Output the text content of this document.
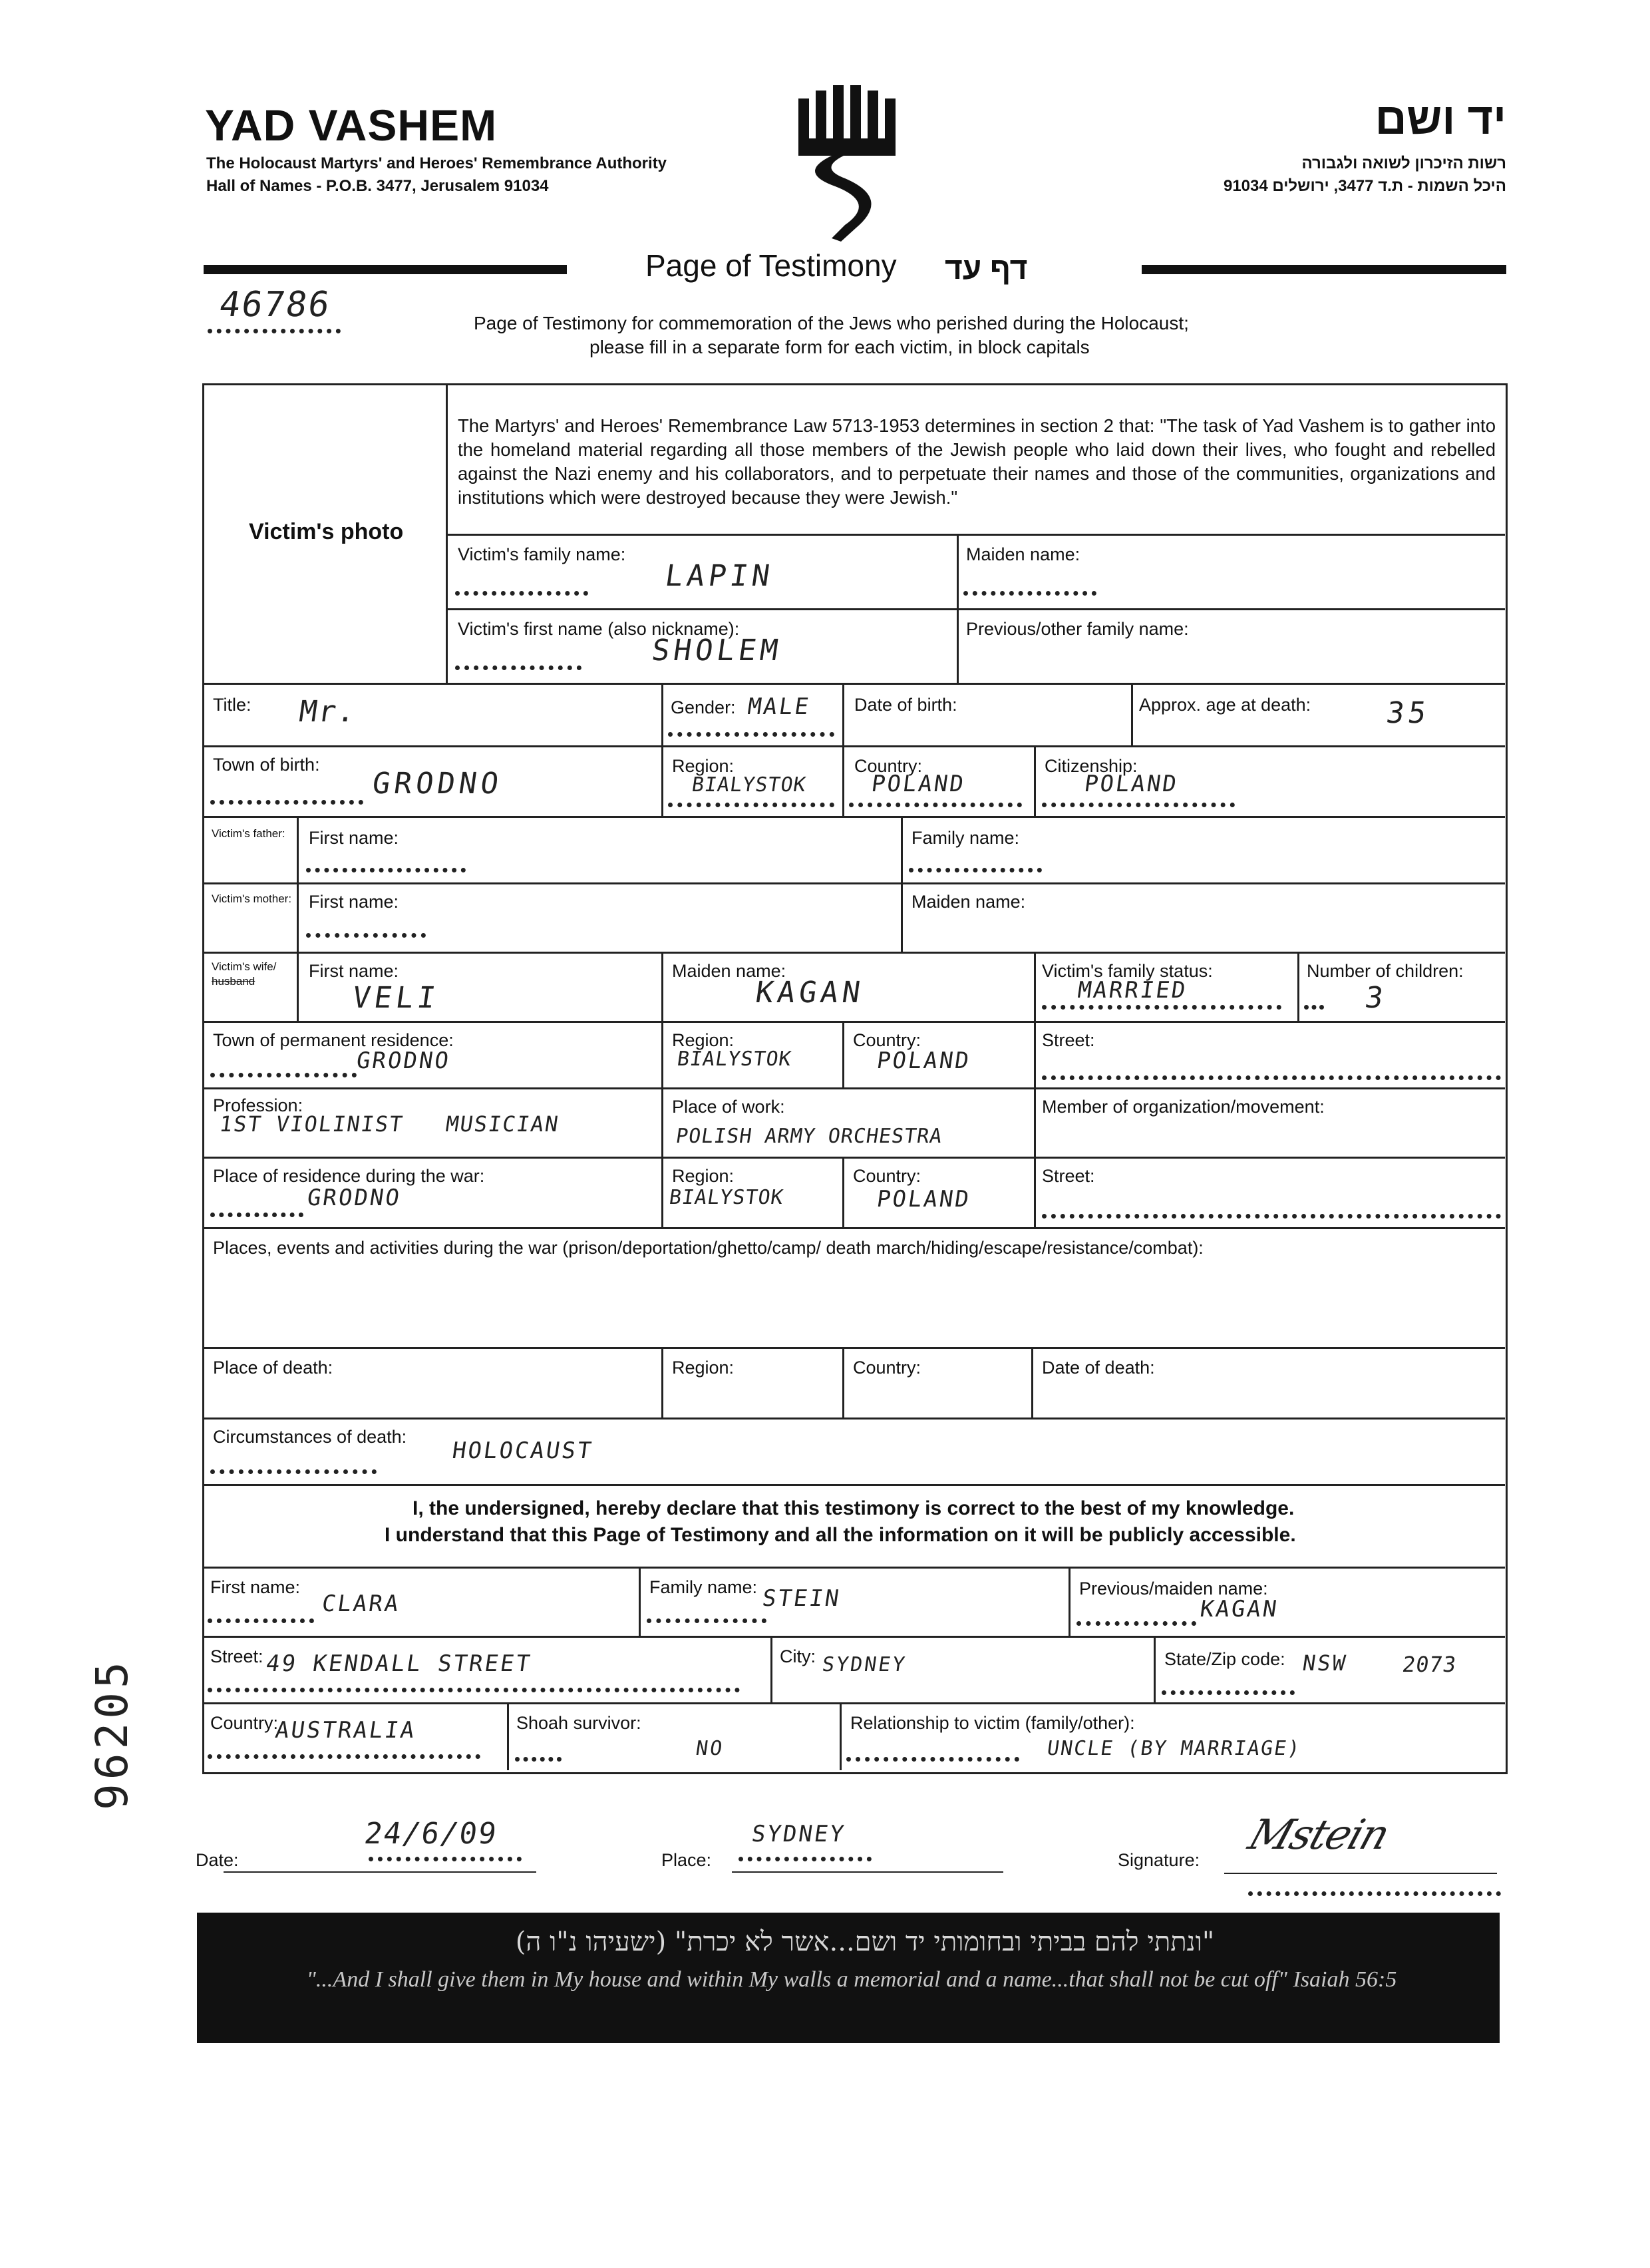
YAD VASHEM
The Holocaust Martyrs' and Heroes' Remembrance Authority
Hall of Names - P.O.B. 3477, Jerusalem 91034
יד ושם
רשות הזיכרון לשואה ולגבורה
היכל השמות - ת.ד 3477, ירושלים 91034
Page of Testimony דף עד
46786	Page of Testimony for commemoration of the Jews who perished during the Holocaust;
please fill in a separate form for each victim, in block capitals
96205
Victim's photo
The Martyrs' and Heroes' Remembrance Law 5713-1953 determines in section 2 that: "The task of Yad Vashem is to gather into the homeland material regarding all those members of the Jewish people who laid down their lives, who fought and rebelled against the Nazi enemy and his collaborators, and to perpetuate their names and those of the communities, organizations and institutions which were destroyed because they were Jewish."
Victim's family name:
LAPIN
Maiden name:
Victim's first name (also nickname):
SHOLEM
Previous/other family name:
Title: Mr.	Gender: MALE Date of birth:	Approx. age at death:	35
Town of birth:
GRODNO
Region:
BIALYSTOK
Country:
POLAND
Citizenship:
POLAND
Victim's father: First name:	Family name:
Victim's mother: First name:	Maiden name:
Victim's wife/
husband
First name:
VELI
Maiden name:
KAGAN
Victim's family status:
MARRIED
Number of children:
3
Town of permanent residence:
GRODNO
Region:
BIALYSTOK
Country:
POLAND
Street:
Profession:
1ST VIOLINIST   MUSICIAN
Place of work:
POLISH ARMY ORCHESTRA
Member of organization/movement:
Place of residence during the war:
GRODNO
Region:
BIALYSTOK
Country:
POLAND
Street:
Places, events and activities during the war (prison/deportation/ghetto/camp/ death march/hiding/escape/resistance/combat):
Place of death:	Region:	Country:	Date of death:
Circumstances of death:
HOLOCAUST
I, the undersigned, hereby declare that this testimony is correct to the best of my knowledge.
I understand that this Page of Testimony and all the information on it will be publicly accessible.
First name:
CLARA
Family name: STEIN	Previous/maiden name:
KAGAN
Street: 49 KENDALL STREET	City: SYDNEY	State/Zip code: NSW 2073
Country:
AUSTRALIA	Shoah survivor:
NO
Relationship to victim (family/other):
UNCLE (BY MARRIAGE)
Date:
24/6/09
Place:
SYDNEY
Signature:
Mstein
"ונתתי להם בביתי ובחומותי יד ושם...אשר לא יכרת" (ישעיהו נ"ו ה)
"...And I shall give them in My house and within My walls a memorial and a name...that shall not be cut off" Isaiah 56:5
